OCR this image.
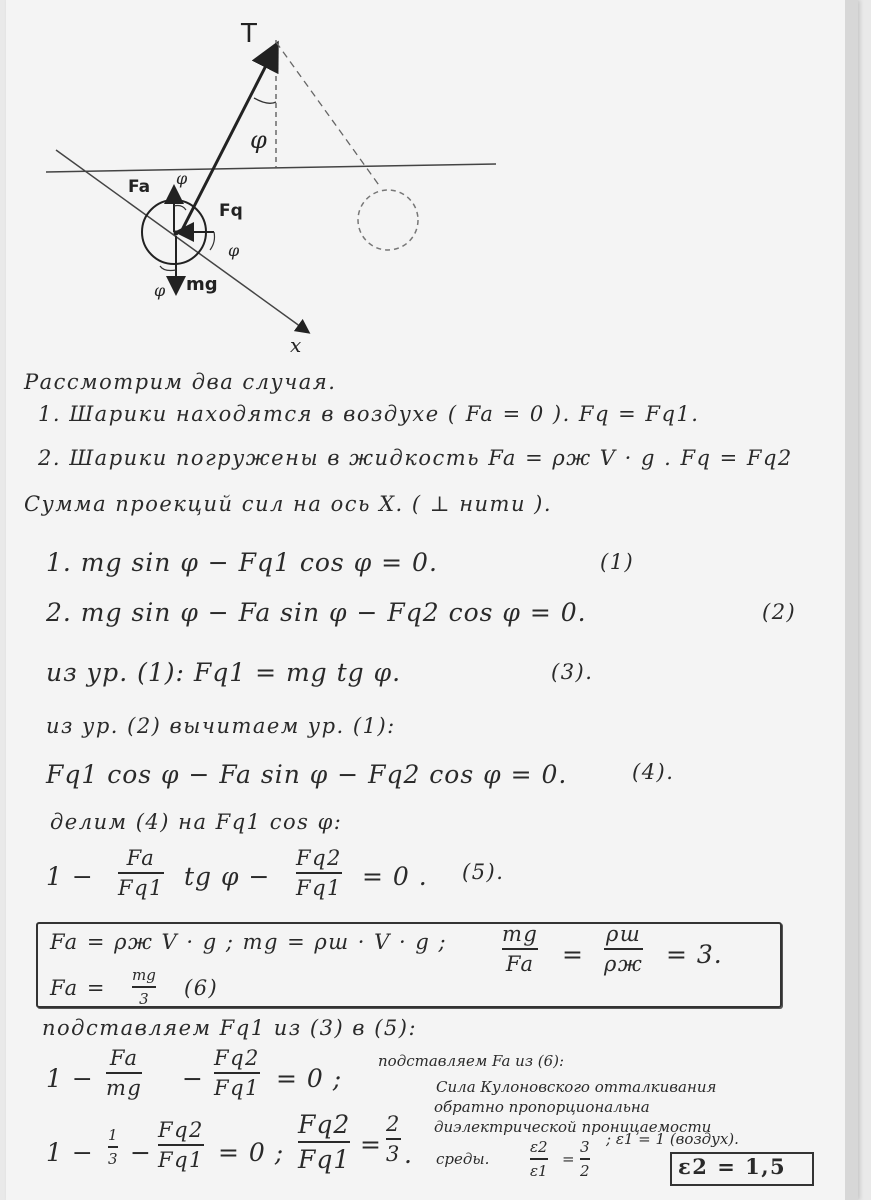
T
φ
Fa φ
Fq
φ
φ mg
x

Рассмотрим два случая.

1. Шарики находятся в воздухе ( Fa = 0 ). Fq = Fq1.

2. Шарики погружены в жидкость Fa = ρж V · g . Fq = Fq2

Сумма проекций сил на ось X. ( ⊥ нити ).

1. mg sin φ − Fq1 cos φ = 0.	(1)

2. mg sin φ − Fa sin φ − Fq2 cos φ = 0.	(2)

из ур. (1): Fq1 = mg tg φ.	(3).

из ур. (2) вычитаем ур. (1):

Fq1 cos φ − Fa sin φ − Fq2 cos φ = 0.	(4).

делим (4) на Fq1 cos φ:

1 −

Fa
Fq1 tg φ −

Fq2
Fq1 = 0 . (5).

Fa = ρж V · g ; mg = ρш · V · g ;	mg
Fa =

ρш
ρж = 3.

Fa =

mg
3 (6)

подставляем Fq1 из (3) в (5):

1 −

Fa
mg −

Fq2
Fq1 = 0 ;

подставляем Fa из (6):

Сила Кулоновского отталкивания

обратно пропорциональна

диэлектрической проницаемости

среды.

1 −

1
3 −

Fq2
Fq1 = 0 ;

Fq2
Fq1

=

2
3 .	ε2
ε1

=

3
2

; ε1 = 1 (воздух).

ε2 = 1,5
